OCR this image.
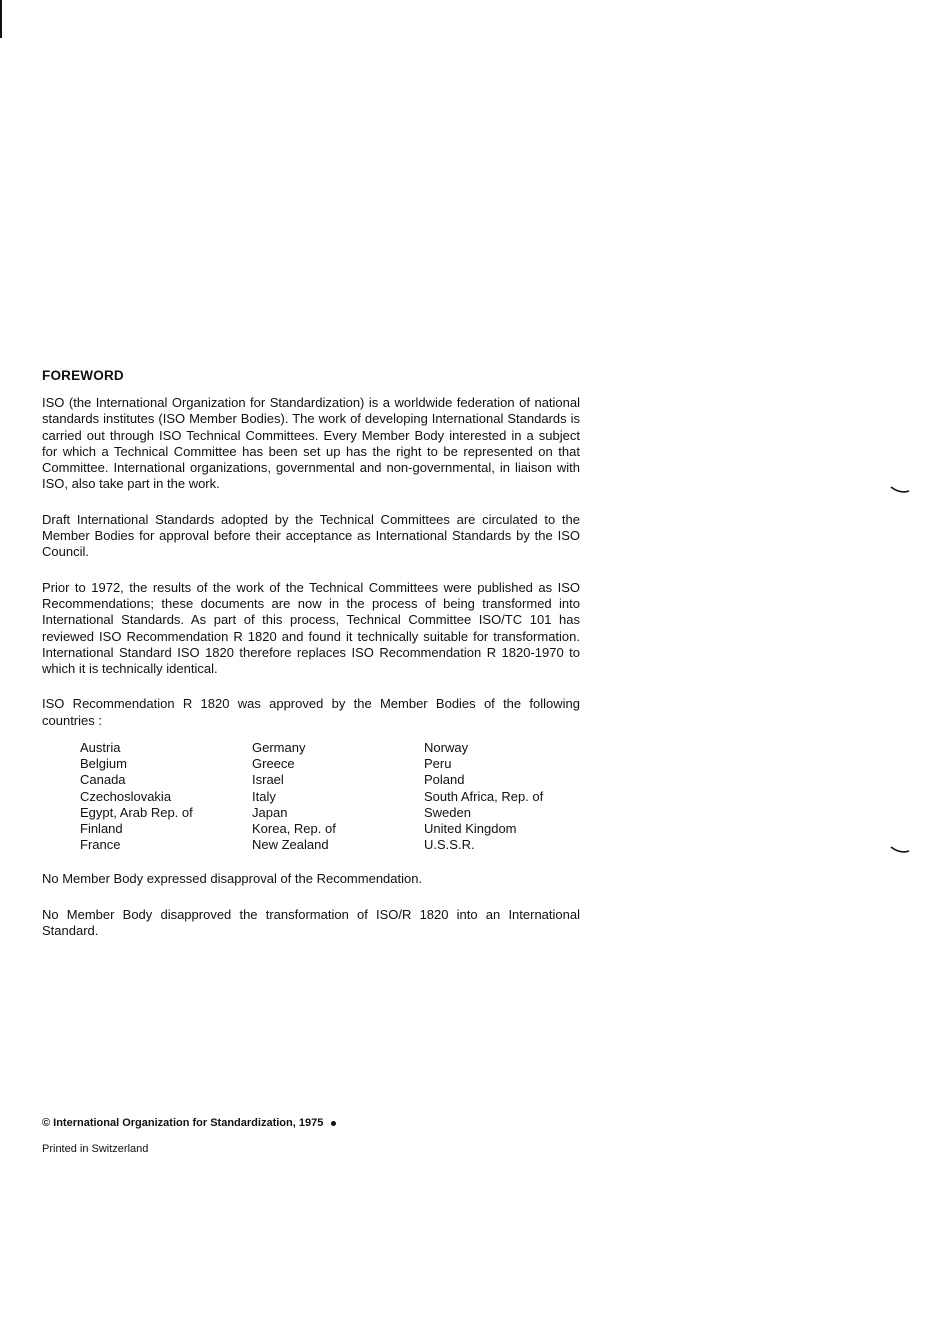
FOREWORD

ISO (the International Organization for Standardization) is a worldwide federation of national standards institutes (ISO Member Bodies). The work of developing International Standards is carried out through ISO Technical Committees. Every Member Body interested in a subject for which a Technical Committee has been set up has the right to be represented on that Committee. International organizations, governmental and non-governmental, in liaison with ISO, also take part in the work.

Draft International Standards adopted by the Technical Committees are circulated to the Member Bodies for approval before their acceptance as International Standards by the ISO Council.

Prior to 1972, the results of the work of the Technical Committees were published as ISO Recommendations; these documents are now in the process of being transformed into International Standards. As part of this process, Technical Committee ISO/TC 101 has reviewed ISO Recommendation R 1820 and found it technically suitable for transformation. International Standard ISO 1820 therefore replaces ISO Recommendation R 1820-1970 to which it is technically identical.

ISO Recommendation R 1820 was approved by the Member Bodies of the following countries :

Austria
Belgium
Canada
Czechoslovakia
Egypt, Arab Rep. of
Finland
France
Germany
Greece
Israel
Italy
Japan
Korea, Rep. of
New Zealand
Norway
Peru
Poland
South Africa, Rep. of
Sweden
United Kingdom
U.S.S.R.

No Member Body expressed disapproval of the Recommendation.

No Member Body disapproved the transformation of ISO/R 1820 into an International Standard.

© International Organization for Standardization, 1975
Printed in Switzerland
